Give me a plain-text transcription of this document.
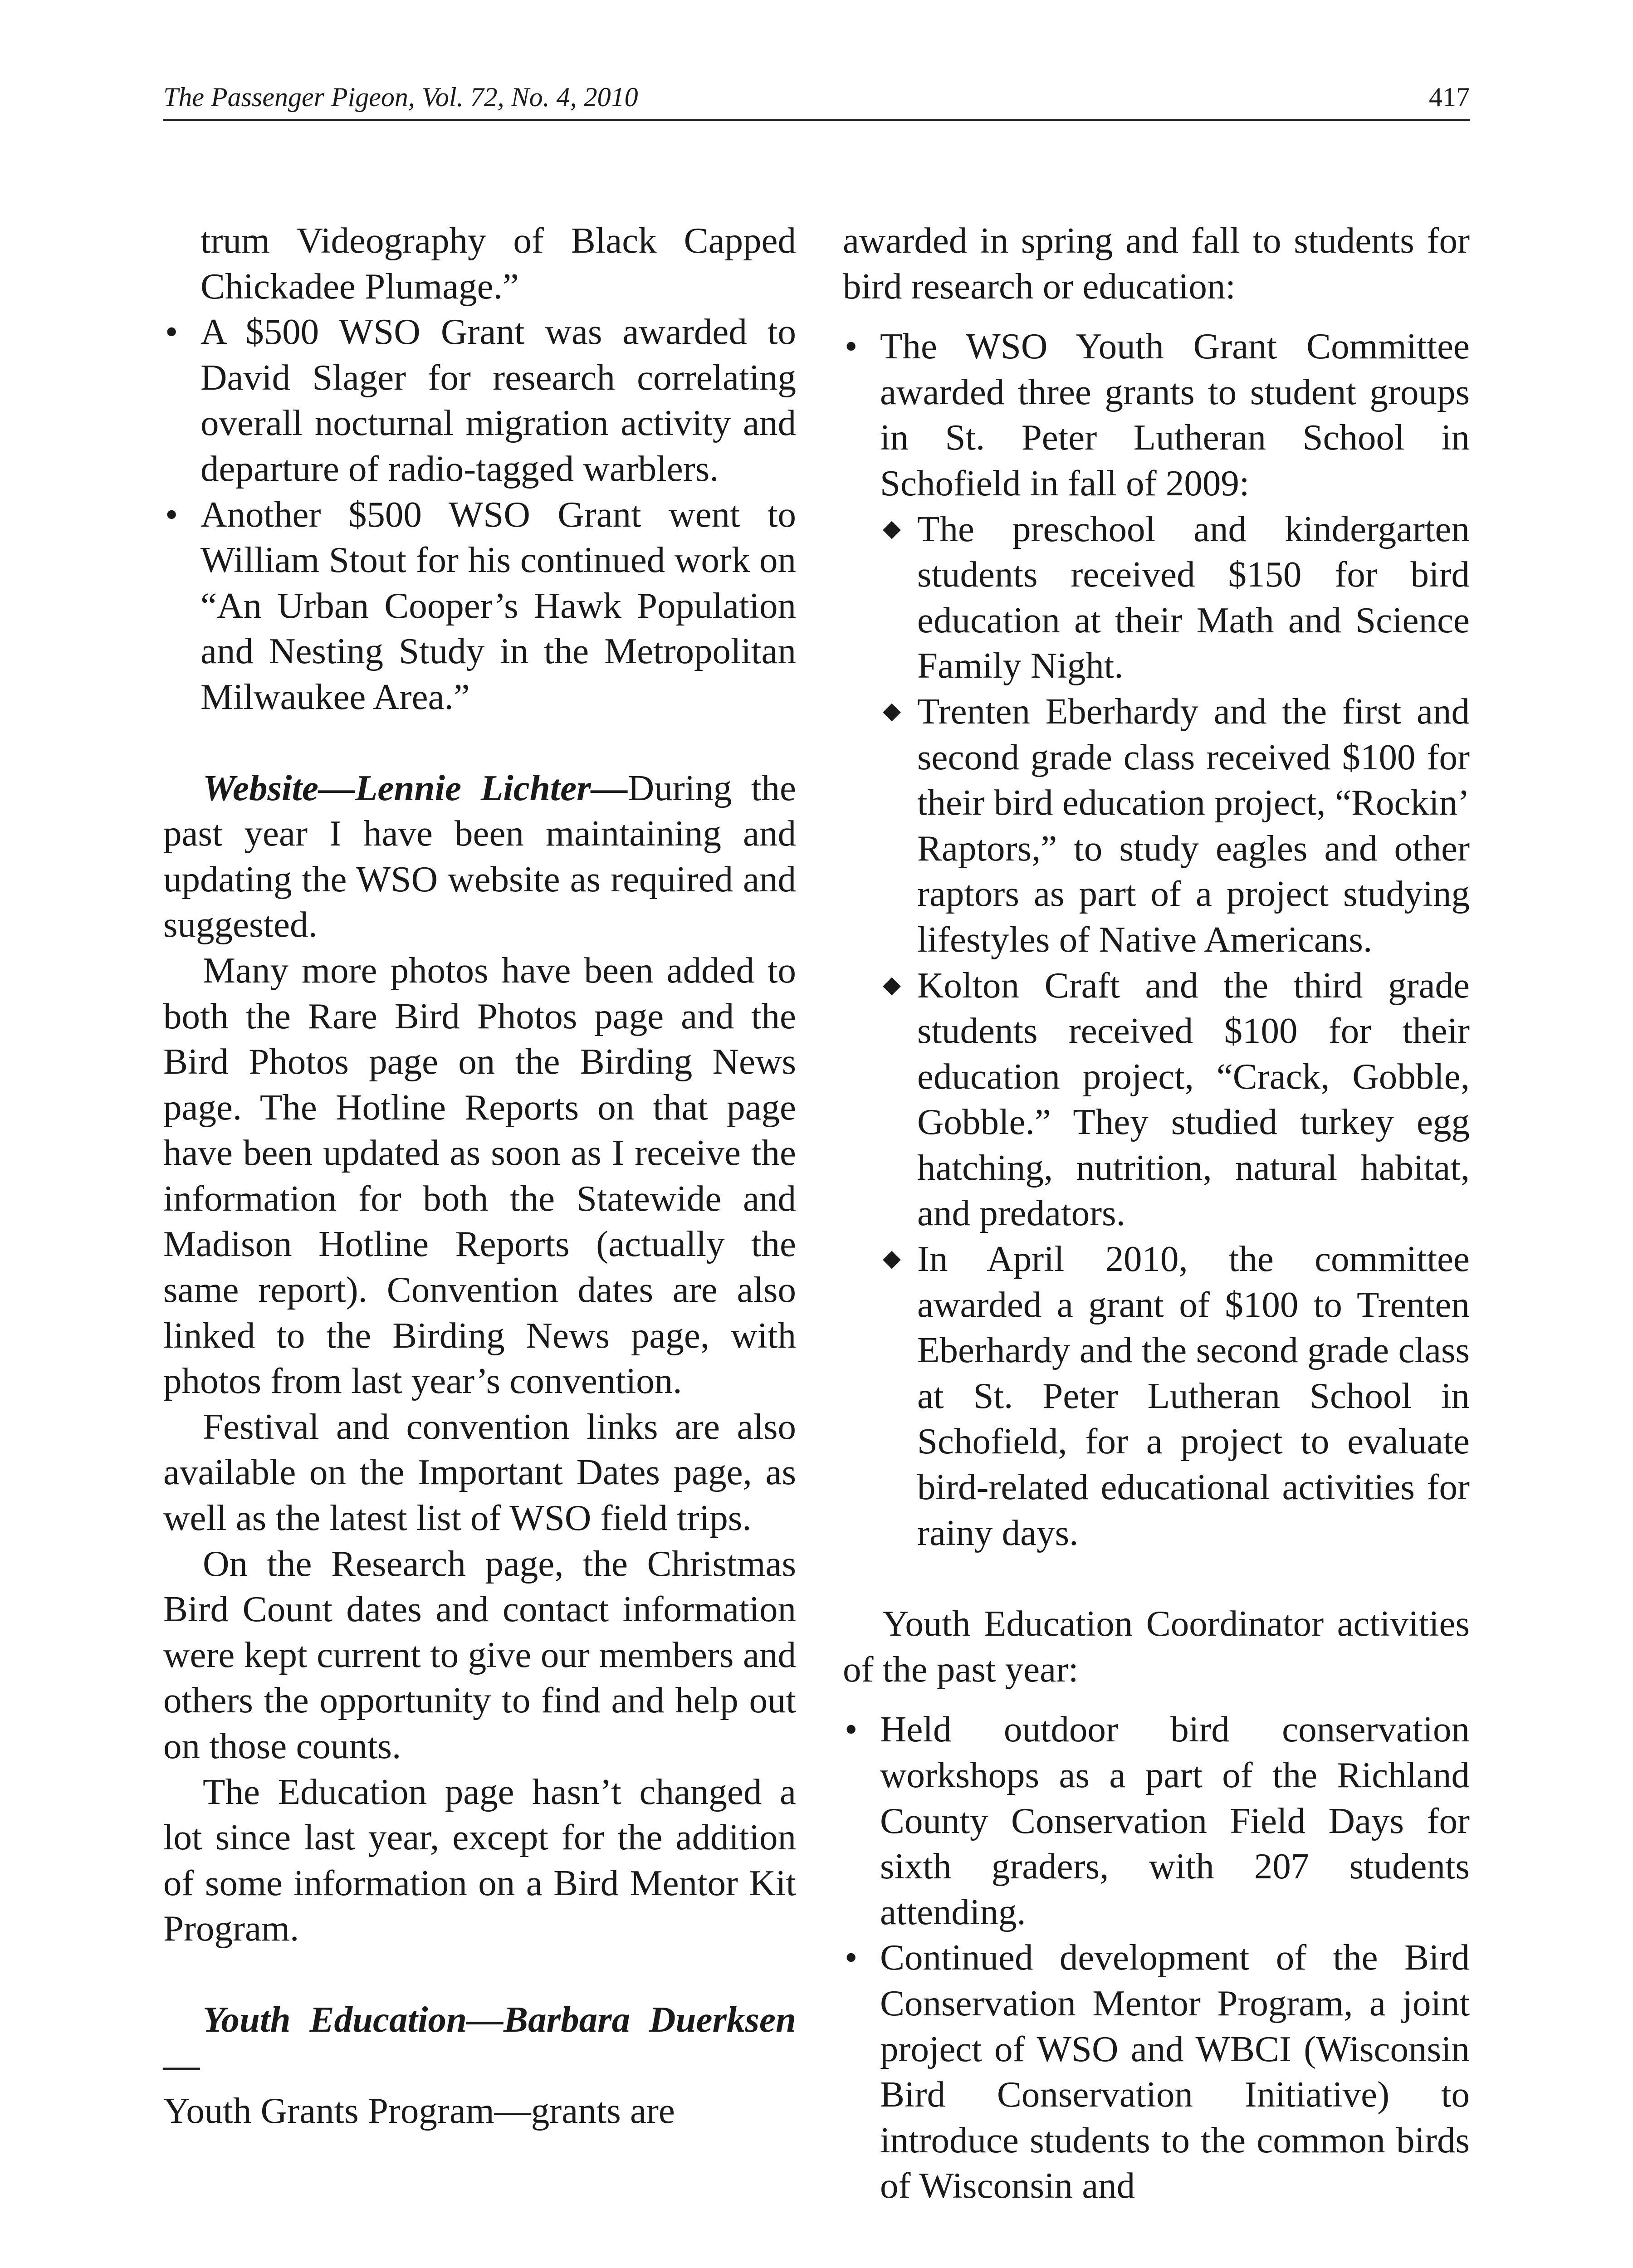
The Passenger Pigeon, Vol. 72, No. 4, 2010	417

trum Videography of Black Capped Chickadee Plumage.”

• A $500 WSO Grant was awarded to David Slager for research correlating overall nocturnal migration activity and departure of radio-tagged warblers.
• Another $500 WSO Grant went to William Stout for his continued work on “An Urban Cooper’s Hawk Population and Nesting Study in the Metropolitan Milwaukee Area.”

Website—Lennie Lichter—During the past year I have been maintaining and updating the WSO website as required and suggested.

Many more photos have been added to both the Rare Bird Photos page and the Bird Photos page on the Birding News page. The Hotline Reports on that page have been updated as soon as I receive the information for both the Statewide and Madison Hotline Reports (actually the same report). Convention dates are also linked to the Birding News page, with photos from last year’s convention.

Festival and convention links are also available on the Important Dates page, as well as the latest list of WSO field trips.

On the Research page, the Christmas Bird Count dates and contact information were kept current to give our members and others the opportunity to find and help out on those counts.

The Education page hasn’t changed a lot since last year, except for the addition of some information on a Bird Mentor Kit Program.

Youth Education—Barbara Duerksen—

Youth Grants Program—grants are

awarded in spring and fall to students for bird research or education:

• The WSO Youth Grant Committee awarded three grants to student groups in St. Peter Lutheran School in Schofield in fall of 2009:
◆ The preschool and kindergarten students received $150 for bird education at their Math and Science Family Night.
◆ Trenten Eberhardy and the first and second grade class received $100 for their bird education project, “Rockin’ Raptors,” to study eagles and other raptors as part of a project studying lifestyles of Native Americans.
◆ Kolton Craft and the third grade students received $100 for their education project, “Crack, Gobble, Gobble.” They studied turkey egg hatching, nutrition, natural habitat, and predators.
◆ In April 2010, the committee awarded a grant of $100 to Trenten Eberhardy and the second grade class at St. Peter Lutheran School in Schofield, for a project to evaluate bird-related educational activities for rainy days.

Youth Education Coordinator activities of the past year:

• Held outdoor bird conservation workshops as a part of the Richland County Conservation Field Days for sixth graders, with 207 students attending.
• Continued development of the Bird Conservation Mentor Program, a joint project of WSO and WBCI (Wisconsin Bird Conservation Initiative) to introduce students to the common birds of Wisconsin and
